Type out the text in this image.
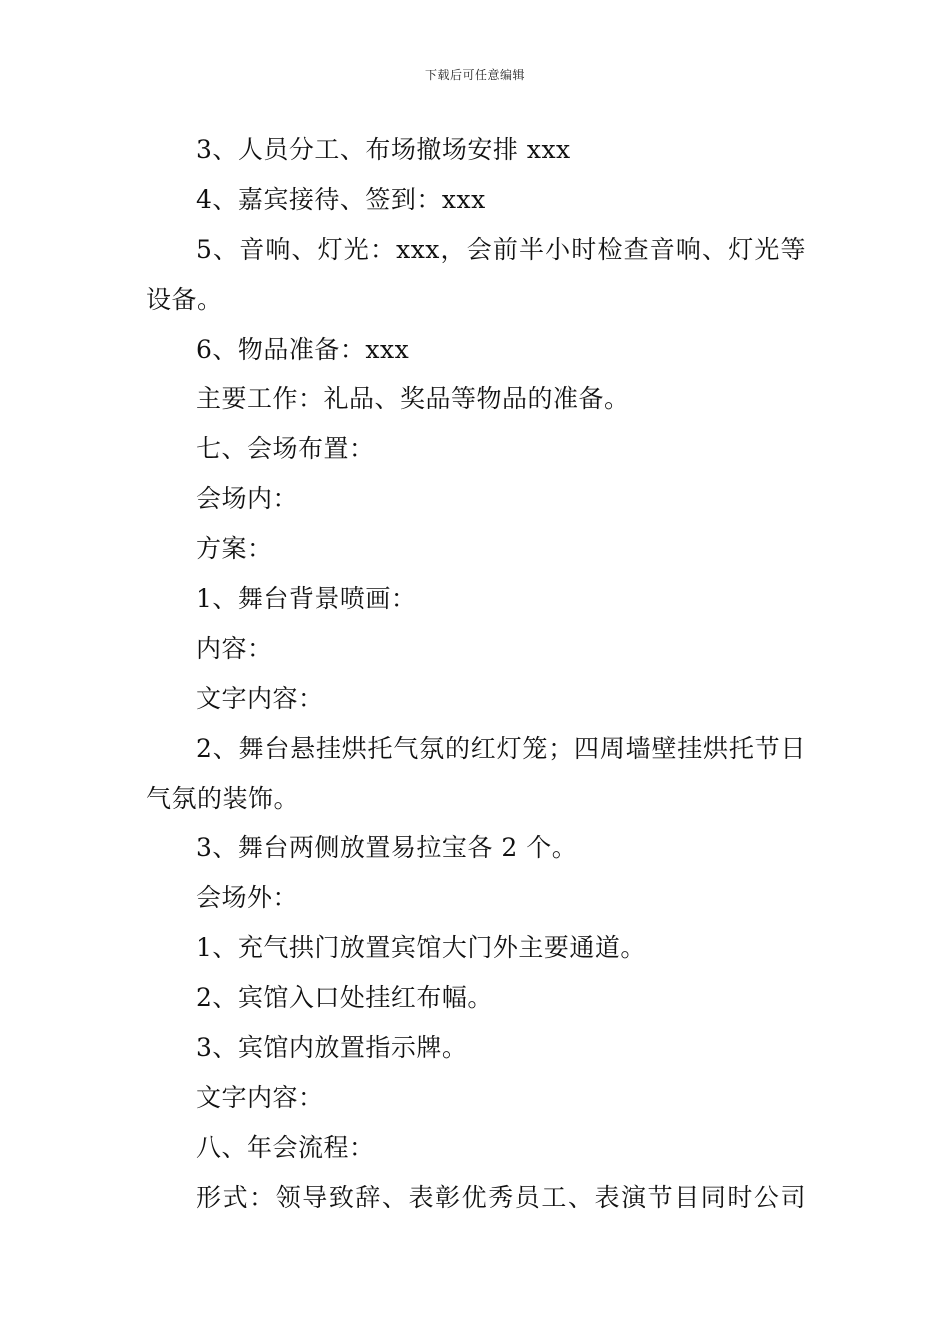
下载后可任意编辑
3、人员分工、布场撤场安排 xxx
4、嘉宾接待、签到：xxx
5、音响、灯光：xxx，会前半小时检查音响、灯光等
设备。
6、物品准备：xxx
主要工作：礼品、奖品等物品的准备。
七、会场布置：
会场内：
方案：
1、舞台背景喷画：
内容：
文字内容：
2、舞台悬挂烘托气氛的红灯笼；四周墙壁挂烘托节日
气氛的装饰。
3、舞台两侧放置易拉宝各 2 个。
会场外：
1、充气拱门放置宾馆大门外主要通道。
2、宾馆入口处挂红布幅。
3、宾馆内放置指示牌。
文字内容：
八、年会流程：
形式：领导致辞、表彰优秀员工、表演节目同时公司
